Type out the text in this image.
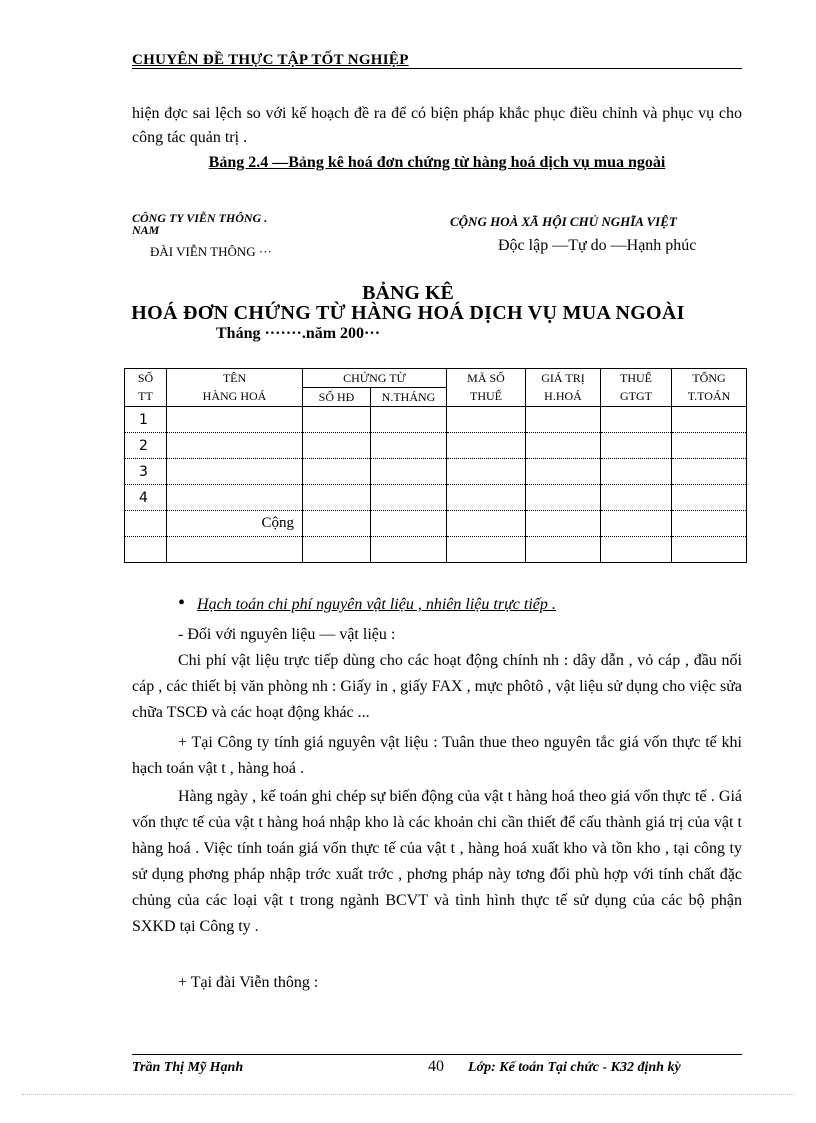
CHUYÊN ĐỀ THỰC TẬP TỐT NGHIỆP
hiện đợc sai lệch so với kế hoạch đề ra để có biện pháp khắc phục điều chỉnh và phục vụ cho công tác quản trị .
Bảng 2.4 —Bảng kê hoá đơn chứng từ hàng hoá dịch vụ mua ngoài
CÔNG TY VIỄN THÔNG .
NAM
ĐÀI VIỄN THÔNG ···
CỘNG HOÀ XÃ HỘI CHỦ NGHĨA VIỆT
Độc lập —Tự do —Hạnh phúc
BẢNG KÊ
HOÁ ĐƠN CHỨNG TỪ HÀNG HOÁ DỊCH VỤ MUA NGOÀI
Tháng ·······.năm 200···
SỐ	TÊN	CHỨNG TỪ		MÃ SỐ	GIÁ TRỊ	THUẾ	TỔNG
TT	HÀNG HOÁ	SỐ HĐ	N.THÁNG	THUẾ	H.HOÁ	GTGT	T.TOÁN
1							
2							
3							
4							
	Cộng						

• Hạch toán chi phí nguyên vật liệu , nhiên liệu trực tiếp .
- Đối với nguyên liệu — vật liệu :
Chi phí vật liệu trực tiếp dùng cho các hoạt động chính nh : dây dẫn , vỏ cáp , đầu nối cáp , các thiết bị văn phòng nh : Giấy in , giấy FAX , mực phôtô , vật liệu sử dụng cho việc sửa chữa TSCĐ và các hoạt động khác ...
+ Tại Công ty tính giá nguyên vật liệu : Tuân thue theo nguyên tắc giá vốn thực tế khi hạch toán vật t , hàng hoá .
Hàng ngày , kế toán ghi chép sự biến động của vật t hàng hoá theo giá vốn thực tế . Giá vốn thực tế của vật t hàng hoá nhập kho là các khoản chi cần thiết để cấu thành giá trị của vật t hàng hoá . Việc tính toán giá vốn thực tế của vật t , hàng hoá xuất kho và tồn kho , tại công ty sử dụng phơng pháp nhập trớc xuất trớc , phơng pháp này tơng đối phù hợp với tính chất đặc chủng của các loại vật t trong ngành BCVT và tình hình thực tế sử dụng của các bộ phận SXKD tại Công ty .
+ Tại đài Viễn thông :
Trần Thị Mỹ Hạnh	40 Lớp: Kế toán Tại chức - K32 định kỳ
